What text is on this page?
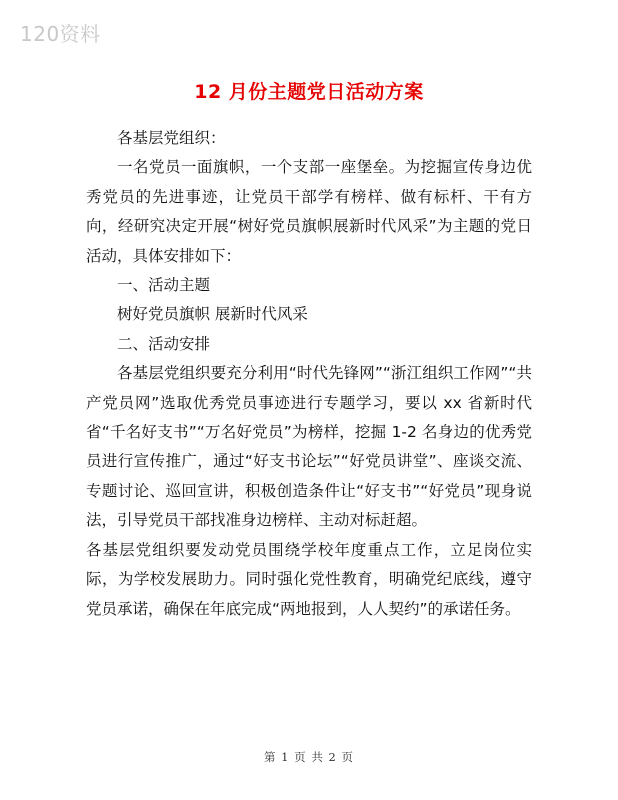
120资料
12 月份主题党日活动方案

各基层党组织：

一名党员一面旗帜，一个支部一座堡垒。为挖掘宣传身边优秀党员的先进事迹，让党员干部学有榜样、做有标杆、干有方向，经研究决定开展“树好党员旗帜展新时代风采”为主题的党日活动，具体安排如下：

一、活动主题

树好党员旗帜 展新时代风采

二、活动安排

各基层党组织要充分利用“时代先锋网”“浙江组织工作网”“共产党员网”选取优秀党员事迹进行专题学习，要以 xx 省新时代省“千名好支书”“万名好党员”为榜样，挖掘 1-2 名身边的优秀党员进行宣传推广，通过“好支书论坛”“好党员讲堂”、座谈交流、专题讨论、巡回宣讲，积极创造条件让“好支书”“好党员”现身说法，引导党员干部找准身边榜样、主动对标赶超。

各基层党组织要发动党员围绕学校年度重点工作，立足岗位实际，为学校发展助力。同时强化党性教育，明确党纪底线，遵守党员承诺，确保在年底完成“两地报到，人人契约”的承诺任务。

第 1 页 共 2 页
